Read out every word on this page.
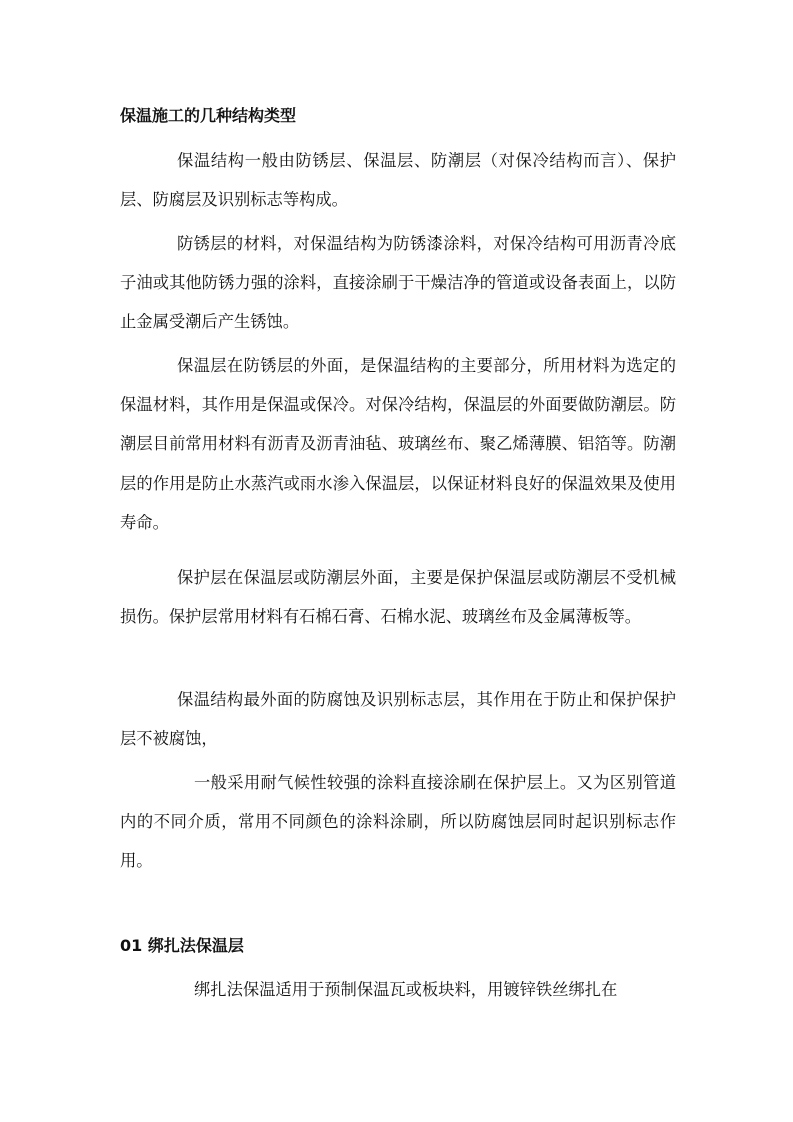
保温施工的几种结构类型

保温结构一般由防锈层、保温层、防潮层（对保冷结构而言）、保护层、防腐层及识别标志等构成。

防锈层的材料，对保温结构为防锈漆涂料，对保冷结构可用沥青冷底子油或其他防锈力强的涂料，直接涂刷于干燥洁净的管道或设备表面上，以防止金属受潮后产生锈蚀。

保温层在防锈层的外面，是保温结构的主要部分，所用材料为选定的保温材料，其作用是保温或保冷。对保冷结构，保温层的外面要做防潮层。防潮层目前常用材料有沥青及沥青油毡、玻璃丝布、聚乙烯薄膜、铝箔等。防潮层的作用是防止水蒸汽或雨水渗入保温层，以保证材料良好的保温效果及使用寿命。

保护层在保温层或防潮层外面，主要是保护保温层或防潮层不受机械损伤。保护层常用材料有石棉石膏、石棉水泥、玻璃丝布及金属薄板等。

保温结构最外面的防腐蚀及识别标志层，其作用在于防止和保护保护层不被腐蚀，

一般采用耐气候性较强的涂料直接涂刷在保护层上。又为区别管道内的不同介质，常用不同颜色的涂料涂刷，所以防腐蚀层同时起识别标志作用。

01 绑扎法保温层

绑扎法保温适用于预制保温瓦或板块料，用镀锌铁丝绑扎在
